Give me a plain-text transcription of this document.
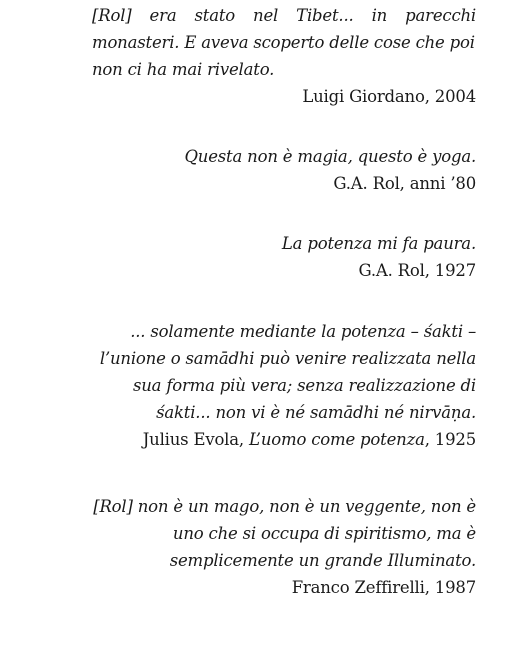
[Rol] era stato nel Tibet... in parecchi
monasteri. E aveva scoperto delle cose che poi
non ci ha mai rivelato.
Luigi Giordano, 2004
Questa non è magia, questo è yoga.
G.A. Rol, anni ’80
La potenza mi fa paura.
G.A. Rol, 1927
... solamente mediante la potenza – śakti –
l’unione o samādhi può venire realizzata nella
sua forma più vera; senza realizzazione di
śakti... non vi è né samādhi né nirvāṇa.
Julius Evola, L’uomo come potenza, 1925
[Rol] non è un mago, non è un veggente, non è
uno che si occupa di spiritismo, ma è
semplicemente un grande Illuminato.
Franco Zeffirelli, 1987
